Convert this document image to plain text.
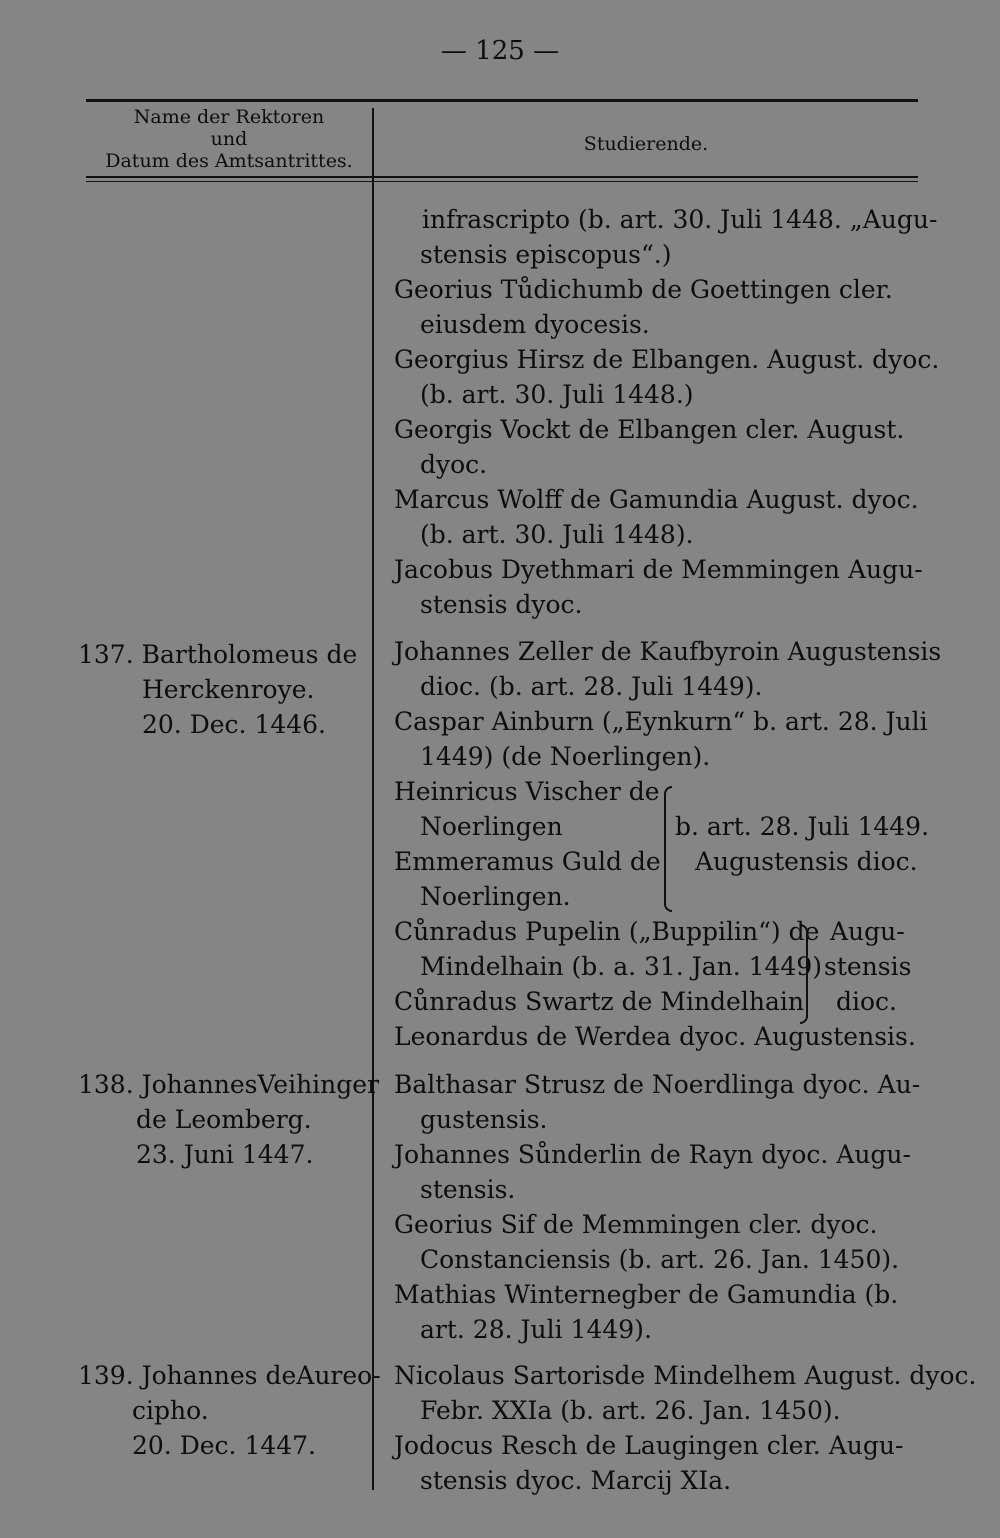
— 125 —
Name der Rektoren
und
Datum des Amtsantrittes.
Studierende.
137. Bartholomeus de
Herckenroye.
20. Dec. 1446.
138. JohannesVeihinger
de Leomberg.
23. Juni 1447.
139. Johannes deAureo-
cipho.
20. Dec. 1447.
infrascripto (b. art. 30. Juli 1448. „Augu-
stensis episcopus“.)
Georius Tůdichumb de Goettingen cler.
eiusdem dyocesis.
Georgius Hirsz de Elbangen. August. dyoc.
(b. art. 30. Juli 1448.)
Georgis Vockt de Elbangen cler. August.
dyoc.
Marcus Wolff de Gamundia August. dyoc.
(b. art. 30. Juli 1448).
Jacobus Dyethmari de Memmingen Augu-
stensis dyoc.
Johannes Zeller de Kaufbyroin Augustensis
dioc. (b. art. 28. Juli 1449).
Caspar Ainburn („Eynkurn“ b. art. 28. Juli
1449) (de Noerlingen).
Heinricus Vischer de
Noerlingen	b. art. 28. Juli 1449.
Emmeramus Guld de Augustensis dioc.
Noerlingen.
Cůnradus Pupelin („Buppilin“) de Augu-
Mindelhain (b. a. 31. Jan. 1449) stensis
Cůnradus Swartz de Mindelhain dioc.
Leonardus de Werdea dyoc. Augustensis.
Balthasar Strusz de Noerdlinga dyoc. Au-
gustensis.
Johannes Sůnderlin de Rayn dyoc. Augu-
stensis.
Georius Sif de Memmingen cler. dyoc.
Constanciensis (b. art. 26. Jan. 1450).
Mathias Winternegber de Gamundia (b.
art. 28. Juli 1449).
Nicolaus Sartorisde Mindelhem August. dyoc.
Febr. XXIa (b. art. 26. Jan. 1450).
Jodocus Resch de Laugingen cler. Augu-
stensis dyoc. Marcij XIa.
